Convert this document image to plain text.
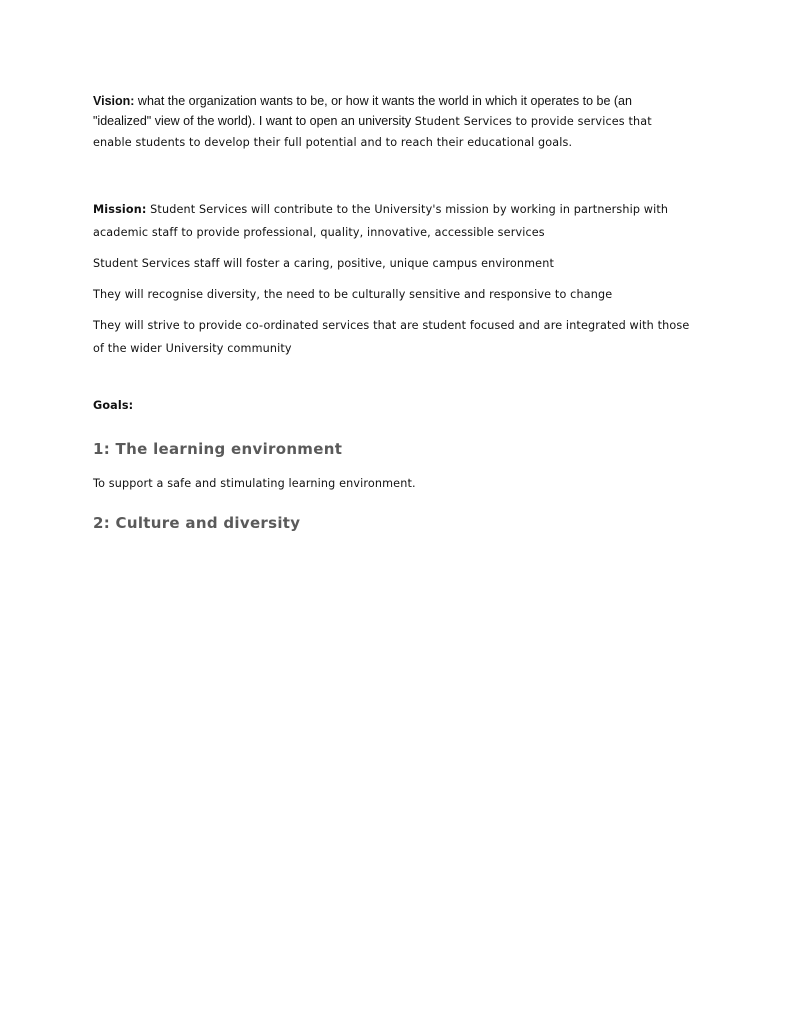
Vision: what the organization wants to be, or how it wants the world in which it operates to be (an "idealized" view of the world). I want to open an university Student Services to provide services that enable students to develop their full potential and to reach their educational goals.
Mission: Student Services will contribute to the University's mission by working in partnership with academic staff to provide professional, quality, innovative, accessible services
Student Services staff will foster a caring, positive, unique campus environment
They will recognise diversity, the need to be culturally sensitive and responsive to change
They will strive to provide co-ordinated services that are student focused and are integrated with those of the wider University community
Goals:
1: The learning environment
To support a safe and stimulating learning environment.
2: Culture and diversity
